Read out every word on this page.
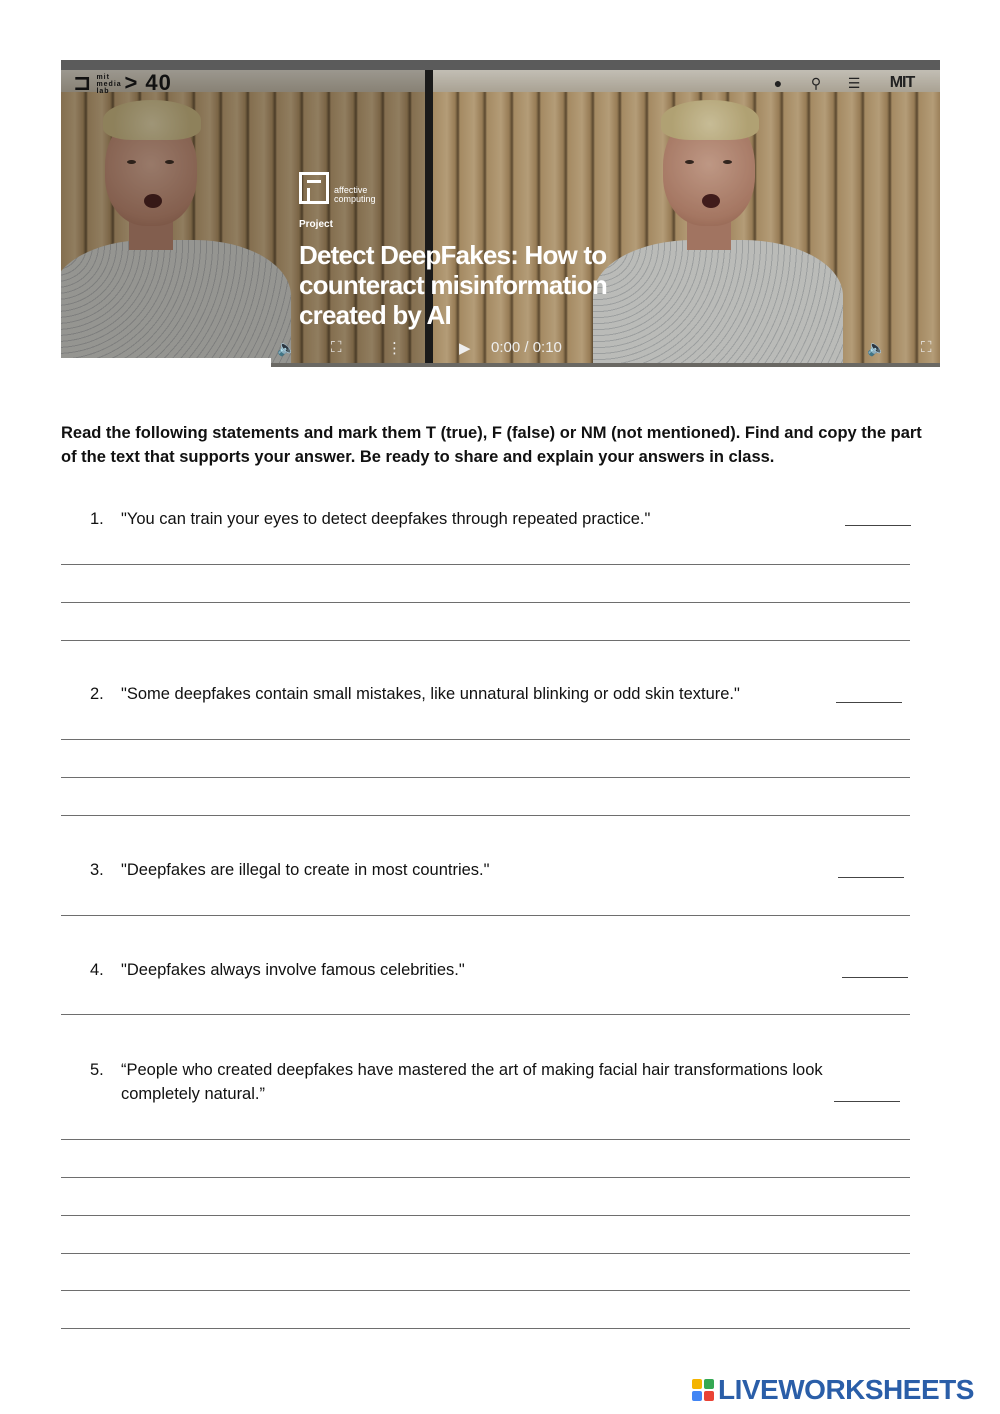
⊐ mit media lab > 40	● ⚲ ☰	MIT
affective computing
Project
Detect DeepFakes: How to counteract misinformation created by AI
🔈 ⛶	⋮	▶ 0:00 / 0:10	🔈 ⛶
Read the following statements and mark them T (true), F (false) or NM (not mentioned). Find and copy the part of the text that supports your answer. Be ready to share and explain your answers in class.
1. "You can train your eyes to detect deepfakes through repeated practice."
2. "Some deepfakes contain small mistakes, like unnatural blinking or odd skin texture."
3. "Deepfakes are illegal to create in most countries."
4. "Deepfakes always involve famous celebrities."
5. “People who created deepfakes have mastered the art of making facial hair transformations look completely natural.”
LIVEWORKSHEETS
